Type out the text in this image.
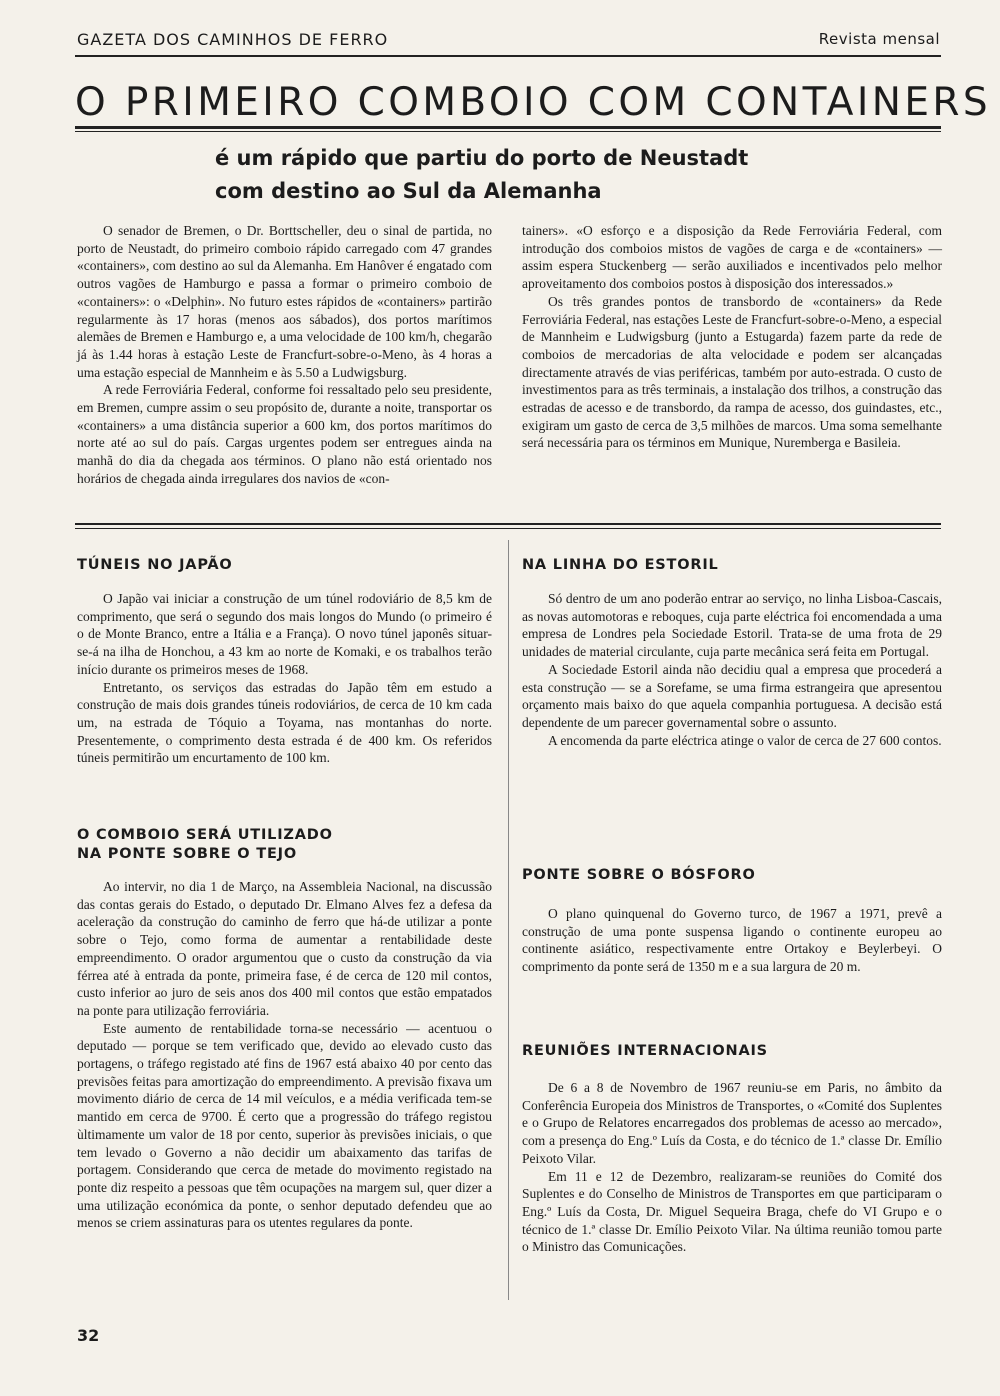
GAZETA DOS CAMINHOS DE FERRO	Revista mensal
O PRIMEIRO COMBOIO COM CONTAINERS
é um rápido que partiu do porto de Neustadt
com destino ao Sul da Alemanha

O senador de Bremen, o Dr. Borttscheller, deu o sinal de partida, no porto de Neustadt, do primeiro comboio rápido carregado com 47 grandes «containers», com destino ao sul da Alemanha. Em Hanôver é engatado com outros vagões de Hamburgo e passa a formar o primeiro comboio de «containers»: o «Delphin». No futuro estes rápidos de «containers» partirão regularmente às 17 horas (menos aos sábados), dos portos marítimos alemães de Bremen e Hamburgo e, a uma velocidade de 100 km/h, chegarão já às 1.44 horas à estação Leste de Francfurt-sobre-o-Meno, às 4 horas a uma estação especial de Mannheim e às 5.50 a Ludwigsburg.

A rede Ferroviária Federal, conforme foi ressaltado pelo seu presidente, em Bremen, cumpre assim o seu propósito de, durante a noite, transportar os «containers» a uma distância superior a 600 km, dos portos marítimos do norte até ao sul do país. Cargas urgentes podem ser entregues ainda na manhã do dia da chegada aos términos. O plano não está orientado nos horários de chegada ainda irregulares dos navios de «con-

tainers». «O esforço e a disposição da Rede Ferroviária Federal, com introdução dos comboios mistos de vagões de carga e de «containers» — assim espera Stuckenberg — serão auxiliados e incentivados pelo melhor aproveitamento dos comboios postos à disposição dos interessados.»

Os três grandes pontos de transbordo de «containers» da Rede Ferroviária Federal, nas estações Leste de Francfurt-sobre-o-Meno, a especial de Mannheim e Ludwigsburg (junto a Estugarda) fazem parte da rede de comboios de mercadorias de alta velocidade e podem ser alcançadas directamente através de vias periféricas, também por auto-estrada. O custo de investimentos para as três terminais, a instalação dos trilhos, a construção das estradas de acesso e de transbordo, da rampa de acesso, dos guindastes, etc., exigiram um gasto de cerca de 3,5 milhões de marcos. Uma soma semelhante será necessária para os términos em Munique, Nuremberga e Basileia.

TÚNEIS NO JAPÃO

O Japão vai iniciar a construção de um túnel rodoviário de 8,5 km de comprimento, que será o segundo dos mais longos do Mundo (o primeiro é o de Monte Branco, entre a Itália e a França). O novo túnel japonês situar-se-á na ilha de Honchou, a 43 km ao norte de Komaki, e os trabalhos terão início durante os primeiros meses de 1968.

Entretanto, os serviços das estradas do Japão têm em estudo a construção de mais dois grandes túneis rodoviários, de cerca de 10 km cada um, na estrada de Tóquio a Toyama, nas montanhas do norte. Presentemente, o comprimento desta estrada é de 400 km. Os referidos túneis permitirão um encurtamento de 100 km.

O COMBOIO SERÁ UTILIZADO
NA PONTE SOBRE O TEJO

Ao intervir, no dia 1 de Março, na Assembleia Nacional, na discussão das contas gerais do Estado, o deputado Dr. Elmano Alves fez a defesa da aceleração da construção do caminho de ferro que há-de utilizar a ponte sobre o Tejo, como forma de aumentar a rentabilidade deste empreendimento. O orador argumentou que o custo da construção da via férrea até à entrada da ponte, primeira fase, é de cerca de 120 mil contos, custo inferior ao juro de seis anos dos 400 mil contos que estão empatados na ponte para utilização ferroviária.

Este aumento de rentabilidade torna-se necessário — acentuou o deputado — porque se tem verificado que, devido ao elevado custo das portagens, o tráfego registado até fins de 1967 está abaixo 40 por cento das previsões feitas para amortização do empreendimento. A previsão fixava um movimento diário de cerca de 14 mil veículos, e a média verificada tem-se mantido em cerca de 9700. É certo que a progressão do tráfego registou ùltimamente um valor de 18 por cento, superior às previsões iniciais, o que tem levado o Governo a não decidir um abaixamento das tarifas de portagem. Considerando que cerca de metade do movimento registado na ponte diz respeito a pessoas que têm ocupações na margem sul, quer dizer a uma utilização económica da ponte, o senhor deputado defendeu que ao menos se criem assinaturas para os utentes regulares da ponte.

NA LINHA DO ESTORIL

Só dentro de um ano poderão entrar ao serviço, no linha Lisboa-Cascais, as novas automotoras e reboques, cuja parte eléctrica foi encomendada a uma empresa de Londres pela Sociedade Estoril. Trata-se de uma frota de 29 unidades de material circulante, cuja parte mecânica será feita em Portugal.

A Sociedade Estoril ainda não decidiu qual a empresa que procederá a esta construção — se a Sorefame, se uma firma estrangeira que apresentou orçamento mais baixo do que aquela companhia portuguesa. A decisão está dependente de um parecer governamental sobre o assunto.

A encomenda da parte eléctrica atinge o valor de cerca de 27 600 contos.

PONTE SOBRE O BÓSFORO

O plano quinquenal do Governo turco, de 1967 a 1971, prevê a construção de uma ponte suspensa ligando o continente europeu ao continente asiático, respectivamente entre Ortakoy e Beylerbeyi. O comprimento da ponte será de 1350 m e a sua largura de 20 m.

REUNIÕES INTERNACIONAIS

De 6 a 8 de Novembro de 1967 reuniu-se em Paris, no âmbito da Conferência Europeia dos Ministros de Transportes, o «Comité dos Suplentes e o Grupo de Relatores encarregados dos problemas de acesso ao mercado», com a presença do Eng.º Luís da Costa, e do técnico de 1.ª classe Dr. Emílio Peixoto Vilar.

Em 11 e 12 de Dezembro, realizaram-se reuniões do Comité dos Suplentes e do Conselho de Ministros de Transportes em que participaram o Eng.º Luís da Costa, Dr. Miguel Sequeira Braga, chefe do VI Grupo e o técnico de 1.ª classe Dr. Emílio Peixoto Vilar. Na última reunião tomou parte o Ministro das Comunicações.

32
